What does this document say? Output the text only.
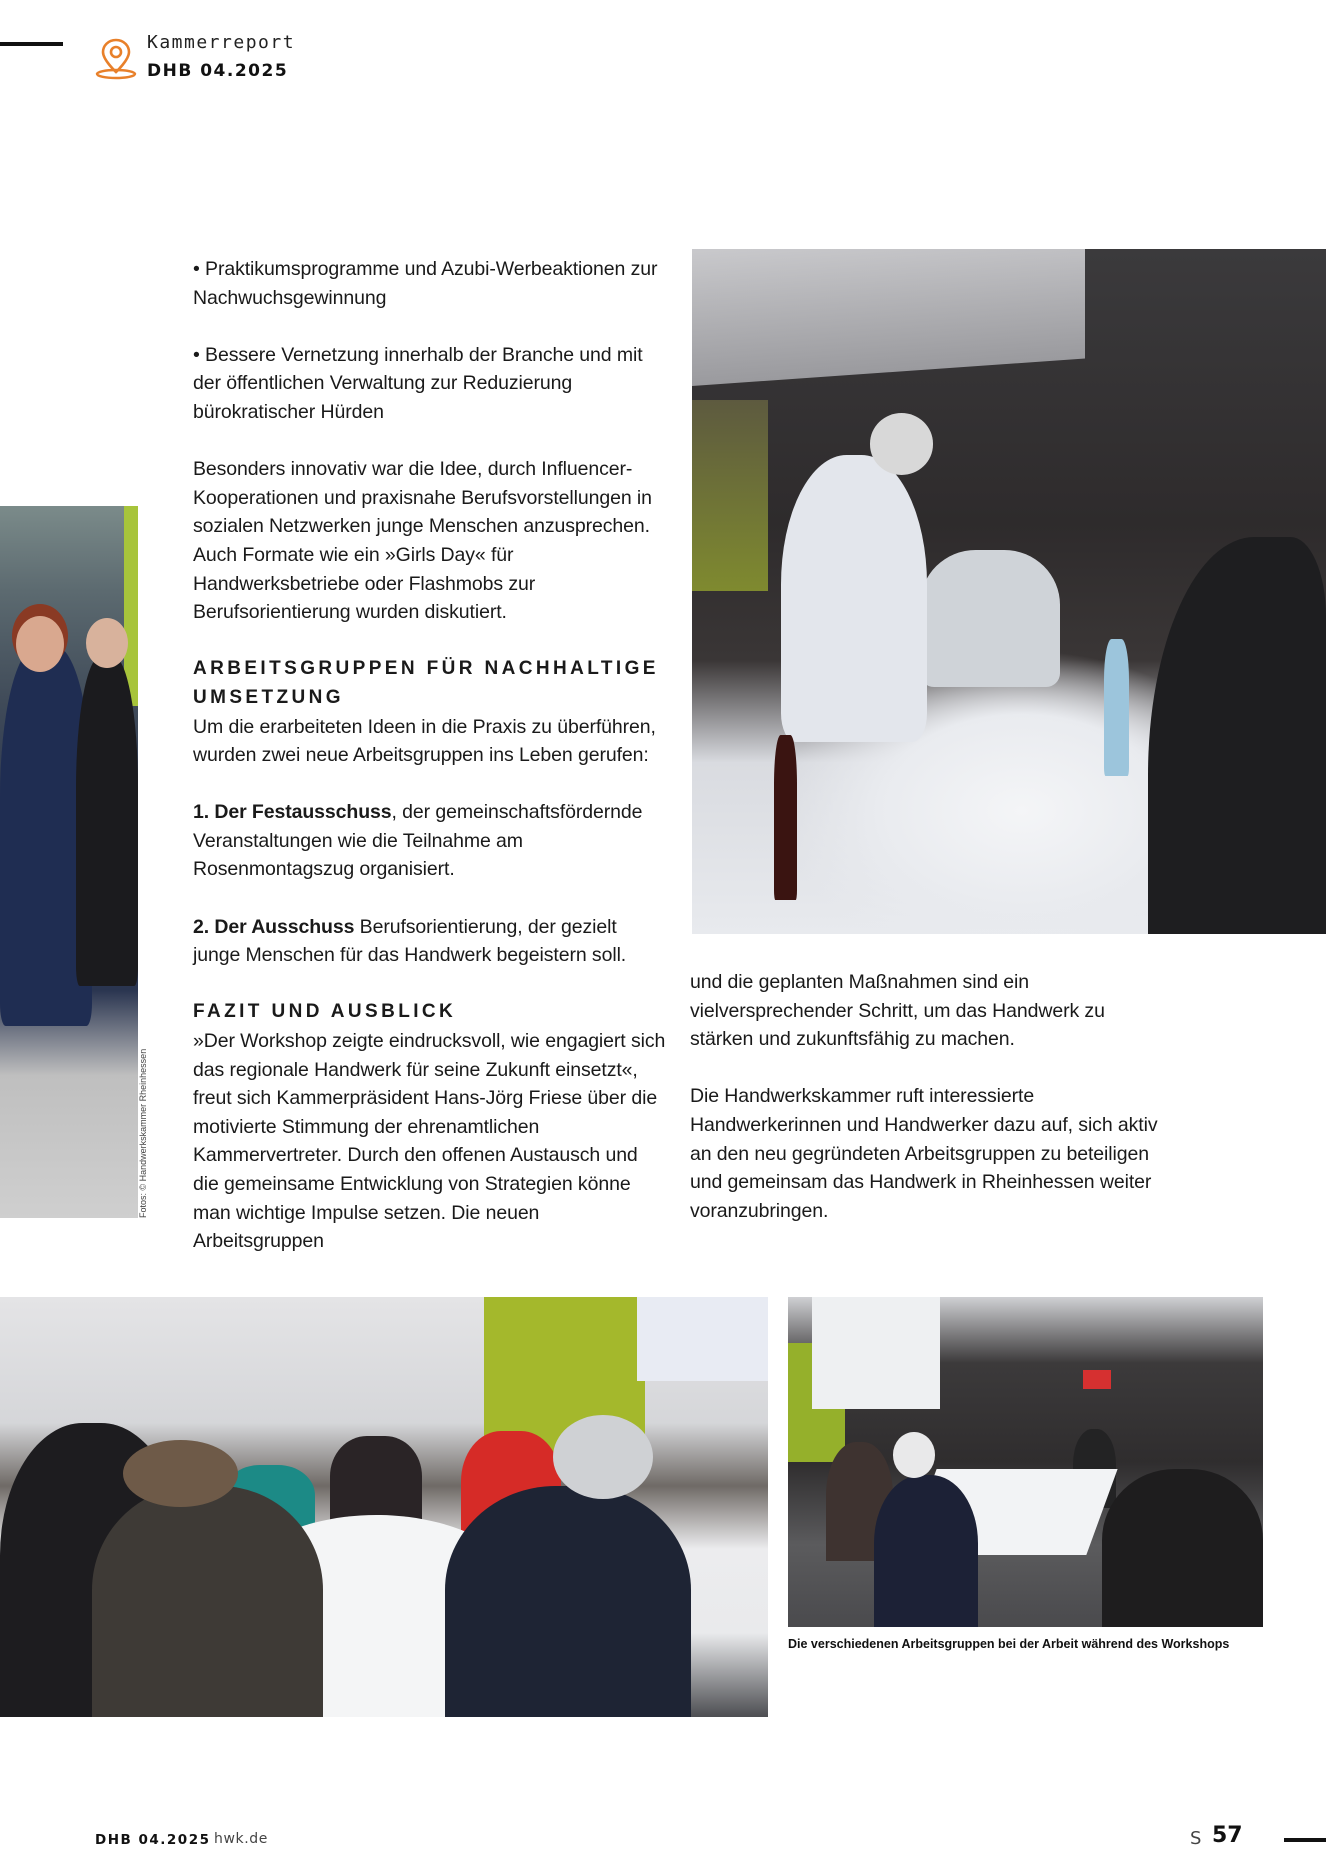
Kammerreport
DHB 04.2025

• Praktikumsprogramme und Azubi-Werbeaktionen zur Nachwuchsgewinnung

• Bessere Vernetzung innerhalb der Branche und mit der öffentlichen Verwaltung zur Reduzierung bürokratischer Hürden

Besonders innovativ war die Idee, durch Influencer-Kooperationen und praxisnahe Berufsvorstellungen in sozialen Netzwerken junge Menschen anzusprechen. Auch Formate wie ein »Girls Day« für Handwerksbetriebe oder Flashmobs zur Berufsorientierung wurden diskutiert.

ARBEITSGRUPPEN FÜR NACHHALTIGE UMSETZUNG

Um die erarbeiteten Ideen in die Praxis zu überführen, wurden zwei neue Arbeitsgruppen ins Leben gerufen:

1. Der Festausschuss, der gemeinschaftsfördernde Veranstaltungen wie die Teilnahme am Rosenmontagszug organisiert.

2. Der Ausschuss Berufsorientierung, der gezielt junge Menschen für das Handwerk begeistern soll.

FAZIT UND AUSBLICK

»Der Workshop zeigte eindrucksvoll, wie engagiert sich das regionale Handwerk für seine Zukunft einsetzt«, freut sich Kammerpräsident Hans-Jörg Friese über die motivierte Stimmung der ehrenamtlichen Kammervertreter. Durch den offenen Austausch und die gemeinsame Entwicklung von Strategien könne man wichtige Impulse setzen. Die neuen Arbeitsgruppen

und die geplanten Maßnahmen sind ein vielversprechender Schritt, um das Handwerk zu stärken und zukunftsfähig zu machen.

Die Handwerkskammer ruft interessierte Handwerkerinnen und Handwerker dazu auf, sich aktiv an den neu gegründeten Arbeitsgruppen zu beteiligen und gemeinsam das Handwerk in Rheinhessen weiter voranzubringen.

Fotos: © Handwerkskammer Rheinhessen
Die verschiedenen Arbeitsgruppen bei der Arbeit während des Workshops
DHB 04.2025 hwk.de	S 57
